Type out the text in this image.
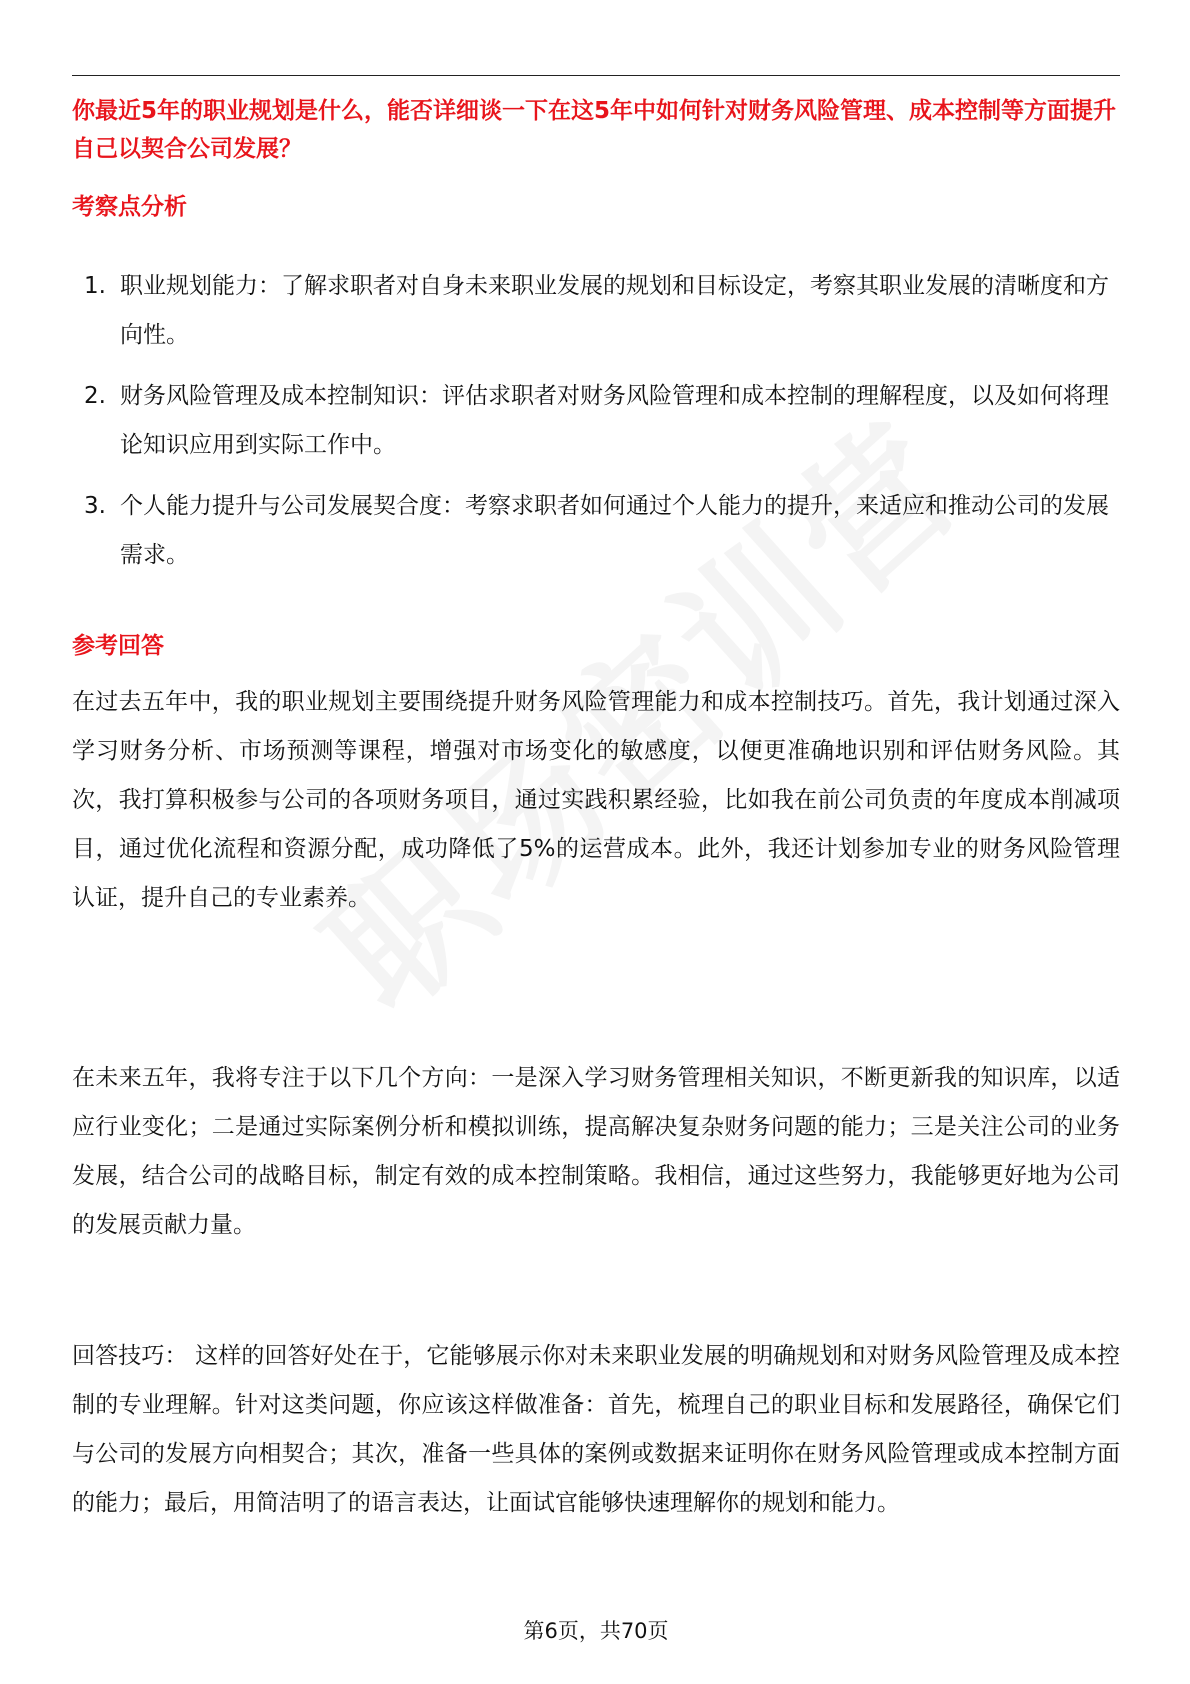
你最近5年的职业规划是什么，能否详细谈一下在这5年中如何针对财务风险管理、成本控制等方面提升自己以契合公司发展？

考察点分析
1. 职业规划能力：了解求职者对自身未来职业发展的规划和目标设定，考察其职业发展的清晰度和方向性。
2. 财务风险管理及成本控制知识：评估求职者对财务风险管理和成本控制的理解程度，以及如何将理论知识应用到实际工作中。
3. 个人能力提升与公司发展契合度：考察求职者如何通过个人能力的提升，来适应和推动公司的发展需求。
参考回答

在过去五年中，我的职业规划主要围绕提升财务风险管理能力和成本控制技巧。首先，我计划通过深入学习财务分析、市场预测等课程，增强对市场变化的敏感度，以便更准确地识别和评估财务风险。其次，我打算积极参与公司的各项财务项目，通过实践积累经验，比如我在前公司负责的年度成本削减项目，通过优化流程和资源分配，成功降低了5%的运营成本。此外，我还计划参加专业的财务风险管理认证，提升自己的专业素养。

在未来五年，我将专注于以下几个方向：一是深入学习财务管理相关知识，不断更新我的知识库，以适应行业变化；二是通过实际案例分析和模拟训练，提高解决复杂财务问题的能力；三是关注公司的业务发展，结合公司的战略目标，制定有效的成本控制策略。我相信，通过这些努力，我能够更好地为公司的发展贡献力量。

回答技巧： 这样的回答好处在于，它能够展示你对未来职业发展的明确规划和对财务风险管理及成本控制的专业理解。针对这类问题，你应该这样做准备：首先，梳理自己的职业目标和发展路径，确保它们与公司的发展方向相契合；其次，准备一些具体的案例或数据来证明你在财务风险管理或成本控制方面的能力；最后，用简洁明了的语言表达，让面试官能够快速理解你的规划和能力。

第6页，共70页
